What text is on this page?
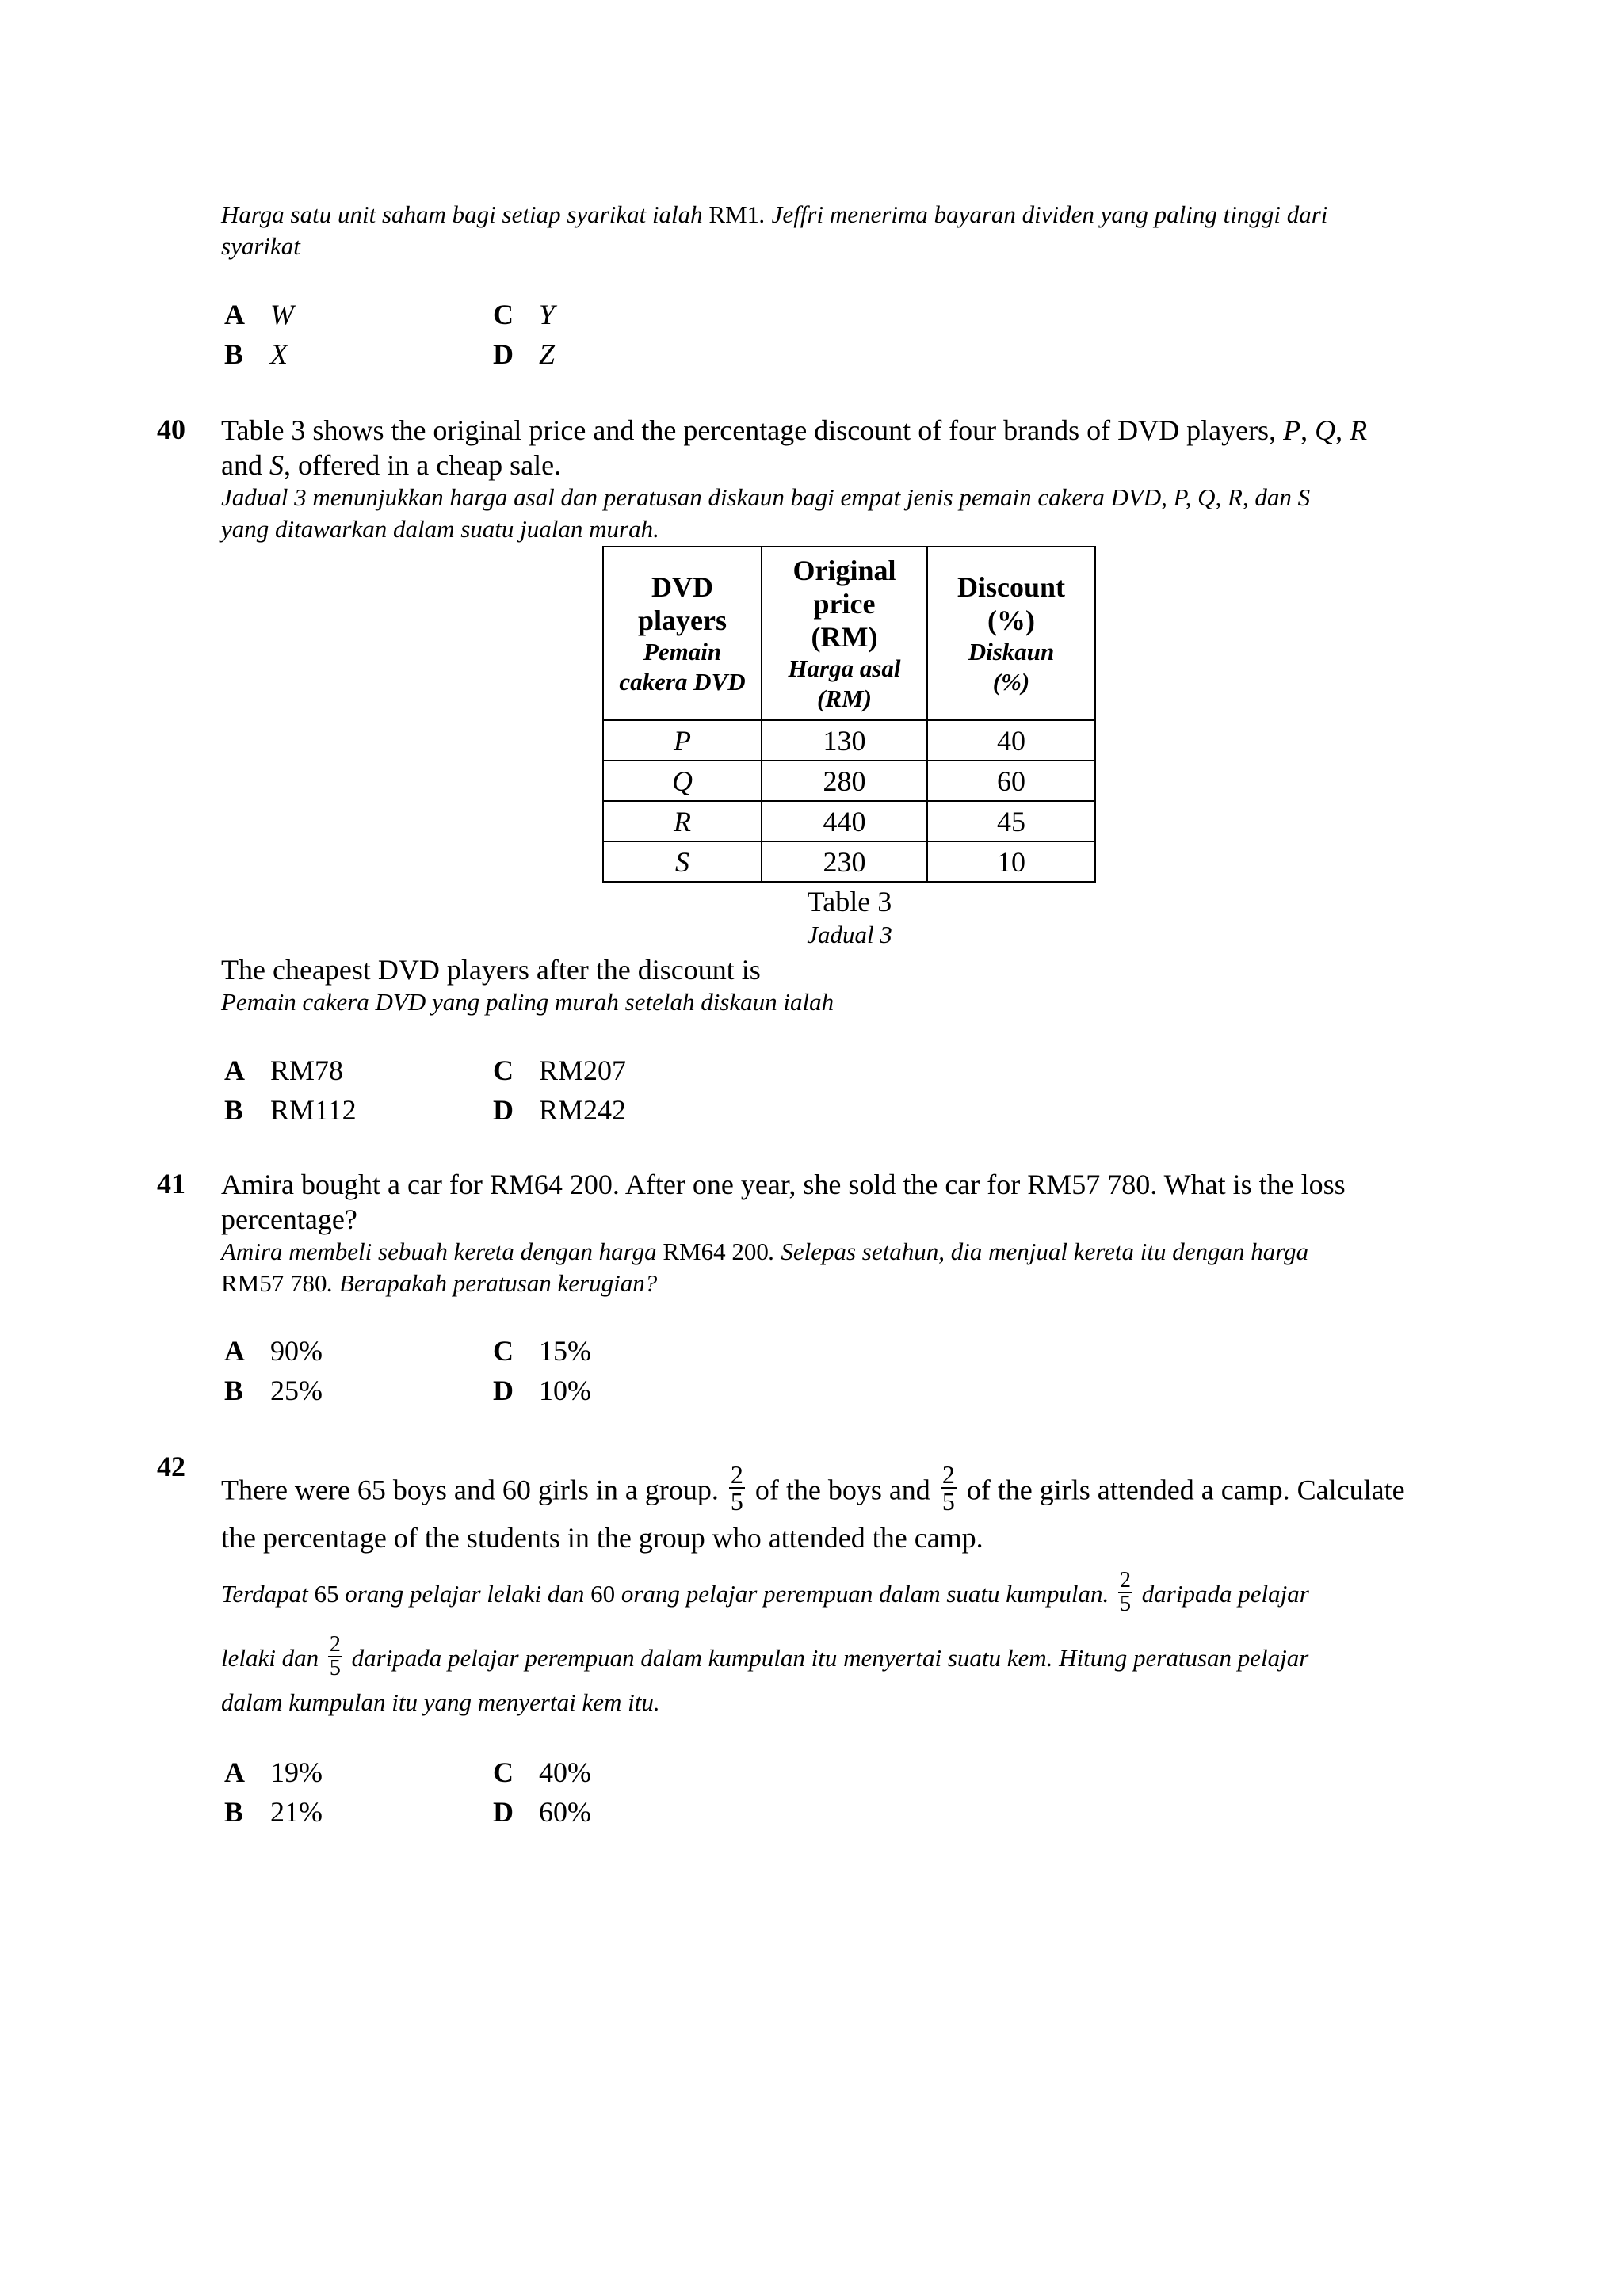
Harga satu unit saham bagi setiap syarikat ialah RM1. Jeffri menerima bayaran dividen yang paling tinggi dari
syarikat
A W
B X
C Y
D Z
40 Table 3 shows the original price and the percentage discount of four brands of DVD players, P, Q, R
and S, offered in a cheap sale.
Jadual 3 menunjukkan harga asal dan peratusan diskaun bagi empat jenis pemain cakera DVD, P, Q, R, dan S
yang ditawarkan dalam suatu jualan murah.
DVD
players
Pemain
cakera DVD	Original
price
(RM)
Harga asal
(RM)	Discount
(%)
Diskaun
(%)

P	130	40
Q	280	60
R	440	45
S	230	10
Table 3
Jadual 3
The cheapest DVD players after the discount is
Pemain cakera DVD yang paling murah setelah diskaun ialah
A RM78
B RM112
C RM207
D RM242
41 Amira bought a car for RM64 200. After one year, she sold the car for RM57 780. What is the loss
percentage?
Amira membeli sebuah kereta dengan harga RM64 200. Selepas setahun, dia menjual kereta itu dengan harga
RM57 780. Berapakah peratusan kerugian?
A 90%
B 25%
C 15%
D 10%
42
There were 65 boys and 60 girls in a group. $\frac{2}{5}$ of the boys and $\frac{2}{5}$ of the girls attended a camp. Calculate
the percentage of the students in the group who attended the camp.
Terdapat 65 orang pelajar lelaki dan 60 orang pelajar perempuan dalam suatu kumpulan. $\frac{2}{5}$ daripada pelajar
lelaki dan $\frac{2}{5}$ daripada pelajar perempuan dalam kumpulan itu menyertai suatu kem. Hitung peratusan pelajar
dalam kumpulan itu yang menyertai kem itu.
A 19%
B 21%
C 40%
D 60%
